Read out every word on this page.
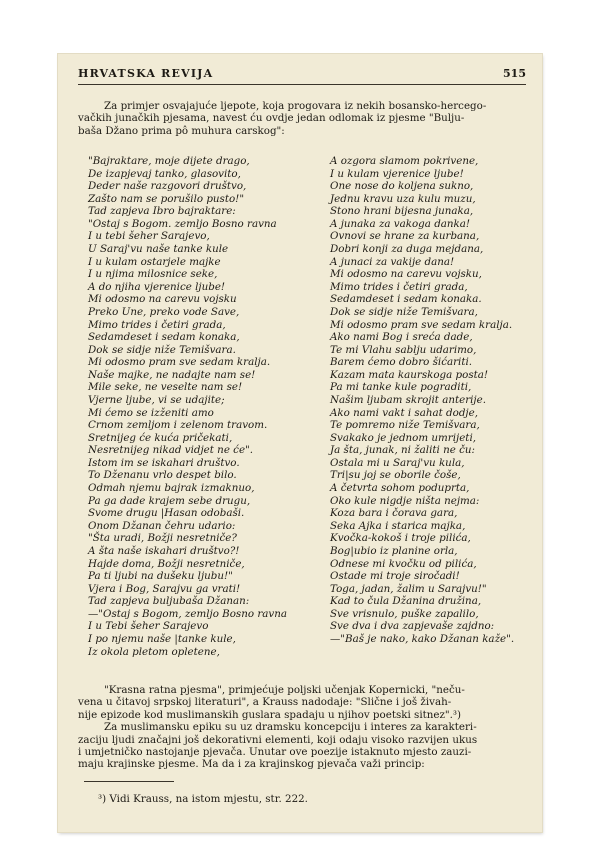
HRVATSKA REVIJA	515
Za primjer osvajajuće ljepote, koja progovara iz nekih bosansko-hercego-
vačkih junačkih pjesama, navest ću ovdje jedan odlomak iz pjesme "Bulju-
baša Džano prima pô muhura carskog":
"Bajraktare, moje dijete drago,
De izapjevaj tanko, glasovito,
Deder naše razgovori društvo,
Zašto nam se porušilo pusto!"
Tad zapjeva Ibro bajraktare:
"Ostaj s Bogom. zemljo Bosno ravna
I u tebi šeher Sarajevo,
U Saraj'vu naše tanke kule
I u kulam ostarjele majke
I u njima milosnice seke,
A do njiha vjerenice ljube!
Mi odosmo na carevu vojsku
Preko Une, preko vode Save,
Mimo trides i četiri grada,
Sedamdeset i sedam konaka,
Dok se sidje niže Temišvara.
Mi odosmo pram sve sedam kralja.
Naše majke, ne nadajte nam se!
Mile seke, ne veselte nam se!
Vjerne ljube, vi se udajite;
Mi ćemo se izženiti amo
Crnom zemljom i zelenom travom.
Sretnijeg će kuća pričekati,
Nesretnijeg nikad vidjet ne će".
Istom im se iskahari društvo.
To Dženanu vrlo despet bilo.
Odmah njemu bajrak izmaknuo,
Pa ga dade krajem sebe drugu,
Svome drugu |Hasan odobaši.
Onom Džanan čehru udario:
"Šta uradi, Božji nesretniče?
A šta naše iskahari društvo?!
Hajde doma, Božji nesretniče,
Pa ti ljubi na dušeku ljubu!"
Vjera i Bog, Sarajvu ga vrati!
Tad zapjeva buljubaša Džanan:
—"Ostaj s Bogom, zemljo Bosno ravna
I u Tebi šeher Sarajevo
I po njemu naše |tanke kule,
Iz okola pletom opletene,
A ozgora slamom pokrivene,
I u kulam vjerenice ljube!
One nose do koljena sukno,
Jednu kravu uza kulu muzu,
Stono hrani bijesna junaka,
A junaka za vakoga danka!
Ovnovi se hrane za kurbana,
Dobri konji za duga mejdana,
A junaci za vakije dana!
Mi odosmo na carevu vojsku,
Mimo trides i četiri grada,
Sedamdeset i sedam konaka.
Dok se sidje niže Temišvara,
Mi odosmo pram sve sedam kralja.
Ako nami Bog i sreća dade,
Te mi Vlahu sablju udarimo,
Barem ćemo dobro šićariti.
Kazam mata kaurskoga posta!
Pa mi tanke kule pograditi,
Našim ljubam skrojit anterije.
Ako nami vakt i sahat dodje,
Te pomremo niže Temišvara,
Svakako je jednom umrijeti,
Ja šta, junak, ni žaliti ne ču:
Ostala mi u Saraj'vu kula,
Tri|su joj se oborile čoše,
A četvrta sohom poduprta,
Oko kule nigdje ništa nejma:
Koza bara i čorava gara,
Seka Ajka i starica majka,
Kvočka-kokoš i troje pilića,
Bog|ubio iz planine orla,
Odnese mi kvočku od pilića,
Ostade mi troje siročadi!
Toga, jadan, žalim u Sarajvu!"
Kad to čula Džanina družina,
Sve vrisnulo, puške zapalilo,
Sve dva i dva zapjevaše zajdno:
—"Baš je nako, kako Džanan kaže".
"Krasna ratna pjesma", primjećuje poljski učenjak Kopernicki, "neču-
vena u čitavoj srpskoj literaturi", a Krauss nadodaje: "Slične i još živah-
nije epizode kod muslimanskih guslara spadaju u njihov poetski sitnez".³)
Za muslimansku epiku su uz dramsku koncepciju i interes za karakteri-
zaciju ljudi značajni još dekorativni elementi, koji odaju visoko razvijen ukus
i umjetničko nastojanje pjevača. Unutar ove poezije istaknuto mjesto zauzi-
maju krajinske pjesme. Ma da i za krajinskog pjevača važi princip:
³) Vidi Krauss, na istom mjestu, str. 222.
